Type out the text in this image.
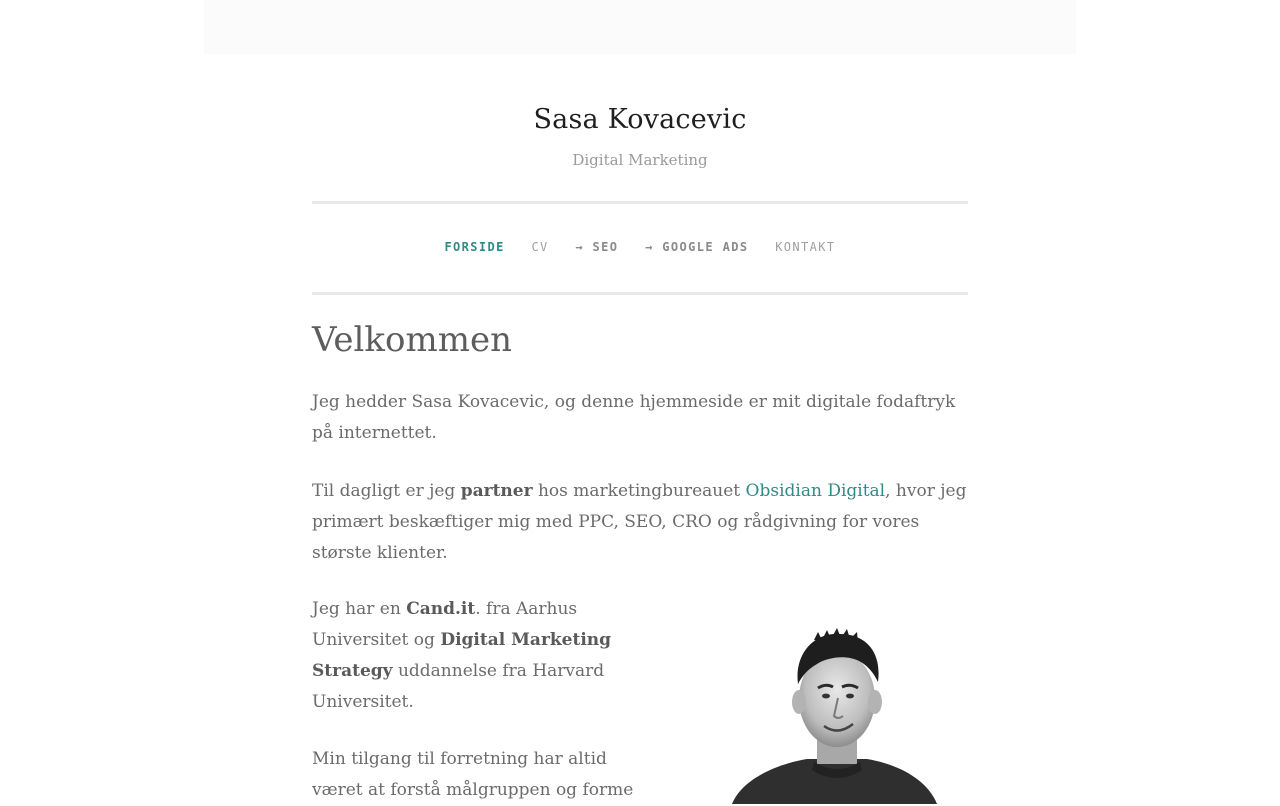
Sasa Kovacevic
Digital Marketing
FORSIDE CV → SEO → GOOGLE ADS KONTAKT
Velkommen

Jeg hedder Sasa Kovacevic, og denne hjemmeside er mit digitale fodaftryk på internettet.

Til dagligt er jeg partner hos marketingbureauet Obsidian Digital, hvor jeg primært beskæftiger mig med PPC, SEO, CRO og rådgivning for vores største klienter.

Jeg har en Cand.it. fra Aarhus Universitet og Digital Marketing Strategy uddannelse fra Harvard Universitet.

Min tilgang til forretning har altid været at forstå målgruppen og forme
